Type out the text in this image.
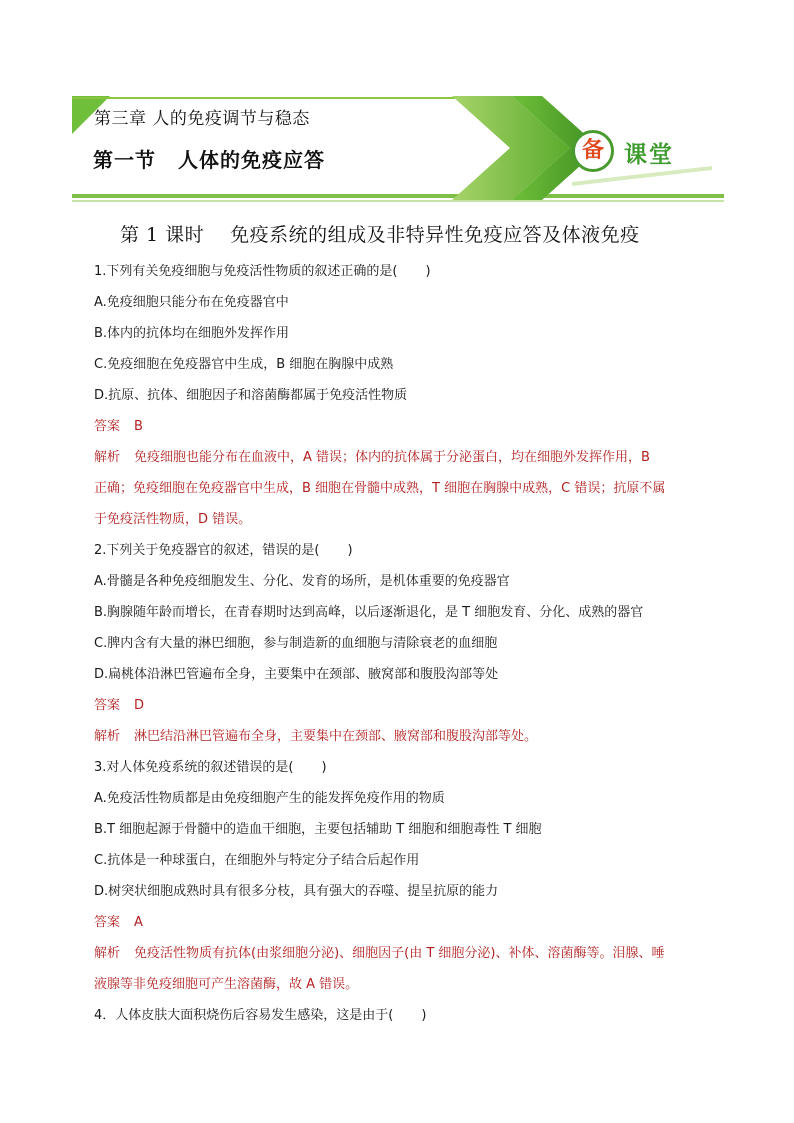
第三章 人的免疫调节与稳态
第一节 人体的免疫应答	备 课堂
第 1 课时 免疫系统的组成及非特异性免疫应答及体液免疫
1.下列有关免疫细胞与免疫活性物质的叙述正确的是( )
A.免疫细胞只能分布在免疫器官中
B.体内的抗体均在细胞外发挥作用
C.免疫细胞在免疫器官中生成，B 细胞在胸腺中成熟
D.抗原、抗体、细胞因子和溶菌酶都属于免疫活性物质
答案 B
解析 免疫细胞也能分布在血液中，A 错误；体内的抗体属于分泌蛋白，均在细胞外发挥作用，B
正确；免疫细胞在免疫器官中生成，B 细胞在骨髓中成熟，T 细胞在胸腺中成熟，C 错误；抗原不属
于免疫活性物质，D 错误。
2.下列关于免疫器官的叙述，错误的是( )
A.骨髓是各种免疫细胞发生、分化、发育的场所，是机体重要的免疫器官
B.胸腺随年龄而增长，在青春期时达到高峰，以后逐渐退化，是 T 细胞发育、分化、成熟的器官
C.脾内含有大量的淋巴细胞，参与制造新的血细胞与清除衰老的血细胞
D.扁桃体沿淋巴管遍布全身，主要集中在颈部、腋窝部和腹股沟部等处
答案 D
解析 淋巴结沿淋巴管遍布全身，主要集中在颈部、腋窝部和腹股沟部等处。
3.对人体免疫系统的叙述错误的是( )
A.免疫活性物质都是由免疫细胞产生的能发挥免疫作用的物质
B.T 细胞起源于骨髓中的造血干细胞，主要包括辅助 T 细胞和细胞毒性 T 细胞
C.抗体是一种球蛋白，在细胞外与特定分子结合后起作用
D.树突状细胞成熟时具有很多分枝，具有强大的吞噬、提呈抗原的能力
答案 A
解析 免疫活性物质有抗体(由浆细胞分泌)、细胞因子(由 T 细胞分泌)、补体、溶菌酶等。泪腺、唾
液腺等非免疫细胞可产生溶菌酶，故 A 错误。
4．人体皮肤大面积烧伤后容易发生感染，这是由于( )
